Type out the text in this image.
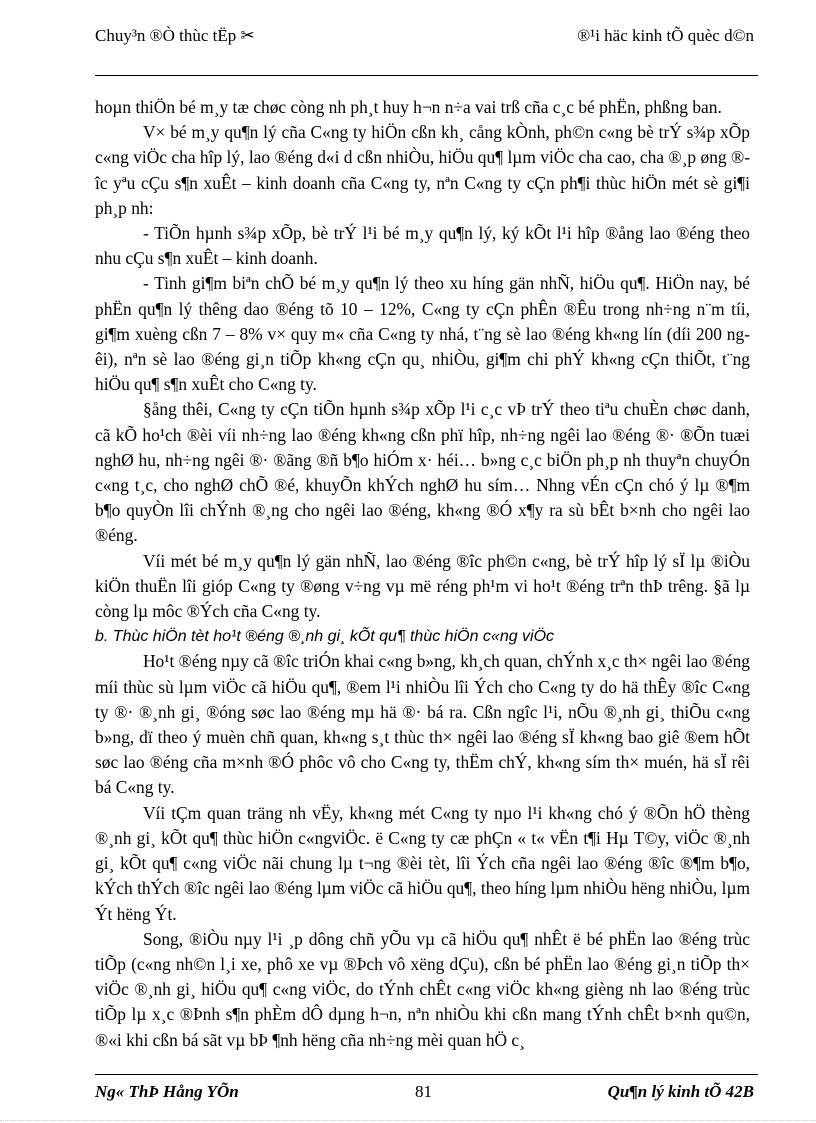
Chuy³n ®Ò thùc tËp ✂	®¹i häc kinh tÕ quèc d©n

hoµn thiÖn bé m¸y tæ chøc còng nh ph¸t huy h¬n n÷a vai trß cña c¸c bé phËn, phßng ban.

V× bé m¸y qu¶n lý cña C«ng ty hiÖn cßn kh¸ cång kÒnh, ph©n c«ng bè trÝ s¾p xÕp c«ng viÖc cha hîp lý, lao ®éng d«i d cßn nhiÒu, hiÖu qu¶ lµm viÖc cha cao, cha ®¸p øng ®îc yªu cÇu s¶n xuÊt – kinh doanh cña C«ng ty, nªn C«ng ty cÇn ph¶i thùc hiÖn mét sè gi¶i ph¸p nh:

- TiÕn hµnh s¾p xÕp, bè trÝ l¹i bé m¸y qu¶n lý, ký kÕt l¹i hîp ®ång lao ®éng theo nhu cÇu s¶n xuÊt – kinh doanh.

- Tinh gi¶m biªn chÕ bé m¸y qu¶n lý theo xu híng gän nhÑ, hiÖu qu¶. HiÖn nay, bé phËn qu¶n lý thêng dao ®éng tõ 10 – 12%, C«ng ty cÇn phÊn ®Êu trong nh÷ng n¨m tíi, gi¶m xuèng cßn 7 – 8% v× quy m« cña C«ng ty nhá, t¨ng sè lao ®éng kh«ng lín (díi 200 ngêi), nªn sè lao ®éng gi¸n tiÕp kh«ng cÇn qu¸ nhiÒu, gi¶m chi phÝ kh«ng cÇn thiÕt, t¨ng hiÖu qu¶ s¶n xuÊt cho C«ng ty.

§ång thêi, C«ng ty cÇn tiÕn hµnh s¾p xÕp l¹i c¸c vÞ trÝ theo tiªu chuÈn chøc danh, cã kÕ ho¹ch ®èi víi nh÷ng lao ®éng kh«ng cßn phï hîp, nh÷ng ngêi lao ®éng ®· ®Õn tuæi nghØ hu, nh÷ng ngêi ®· ®ãng ®ñ b¶o hiÓm x· héi… b»ng c¸c biÖn ph¸p nh thuyªn chuyÓn c«ng t¸c, cho nghØ chÕ ®é, khuyÕn khÝch nghØ hu sím… Nhng vÉn cÇn chó ý lµ ®¶m b¶o quyÒn lîi chÝnh ®¸ng cho ngêi lao ®éng, kh«ng ®Ó x¶y ra sù bÊt b×nh cho ngêi lao ®éng.

Víi mét bé m¸y qu¶n lý gän nhÑ, lao ®éng ®îc ph©n c«ng, bè trÝ hîp lý sÏ lµ ®iÒu kiÖn thuËn lîi gióp C«ng ty ®øng v÷ng vµ më réng ph¹m vi ho¹t ®éng trªn thÞ trêng. §ã lµ còng lµ môc ®Ých cña C«ng ty.

b. Thùc hiÖn tèt ho¹t ®éng ®¸nh gi¸ kÕt qu¶ thùc hiÖn c«ng viÖc

Ho¹t ®éng nµy cã ®îc triÓn khai c«ng b»ng, kh¸ch quan, chÝnh x¸c th× ngêi lao ®éng míi thùc sù lµm viÖc cã hiÖu qu¶, ®em l¹i nhiÒu lîi Ých cho C«ng ty do hä thÊy ®îc C«ng ty ®· ®¸nh gi¸ ®óng søc lao ®éng mµ hä ®· bá ra. Cßn ngîc l¹i, nÕu ®¸nh gi¸ thiÕu c«ng b»ng, dï theo ý muèn chñ quan, kh«ng s¸t thùc th× ngêi lao ®éng sÏ kh«ng bao giê ®em hÕt søc lao ®éng cña m×nh ®Ó phôc vô cho C«ng ty, thËm chÝ, kh«ng sím th× muén, hä sÏ rêi bá C«ng ty.

Víi tÇm quan träng nh vËy, kh«ng mét C«ng ty nµo l¹i kh«ng chó ý ®Õn hÖ thèng ®¸nh gi¸ kÕt qu¶ thùc hiÖn c«ngviÖc. ë C«ng ty cæ phÇn « t« vËn t¶i Hµ T©y, viÖc ®¸nh gi¸ kÕt qu¶ c«ng viÖc nãi chung lµ t¬ng ®èi tèt, lîi Ých cña ngêi lao ®éng ®îc ®¶m b¶o, kÝch thÝch ®îc ngêi lao ®éng lµm viÖc cã hiÖu qu¶, theo híng lµm nhiÒu hëng nhiÒu, lµm Ýt hëng Ýt.

Song, ®iÒu nµy l¹i ¸p dông chñ yÕu vµ cã hiÖu qu¶ nhÊt ë bé phËn lao ®éng trùc tiÕp (c«ng nh©n l¸i xe, phô xe vµ ®Þch vô xëng dÇu), cßn bé phËn lao ®éng gi¸n tiÕp th× viÖc ®¸nh gi¸ hiÖu qu¶ c«ng viÖc, do tÝnh chÊt c«ng viÖc kh«ng gièng nh lao ®éng trùc tiÕp lµ x¸c ®Þnh s¶n phÈm dÔ dµng h¬n, nªn nhiÒu khi cßn mang tÝnh chÊt b×nh qu©n, ®«i khi cßn bá sãt vµ bÞ ¶nh hëng cña nh÷ng mèi quan hÖ c¸

Ng« ThÞ Hång YÕn	81	Qu¶n lý kinh tÕ 42B
